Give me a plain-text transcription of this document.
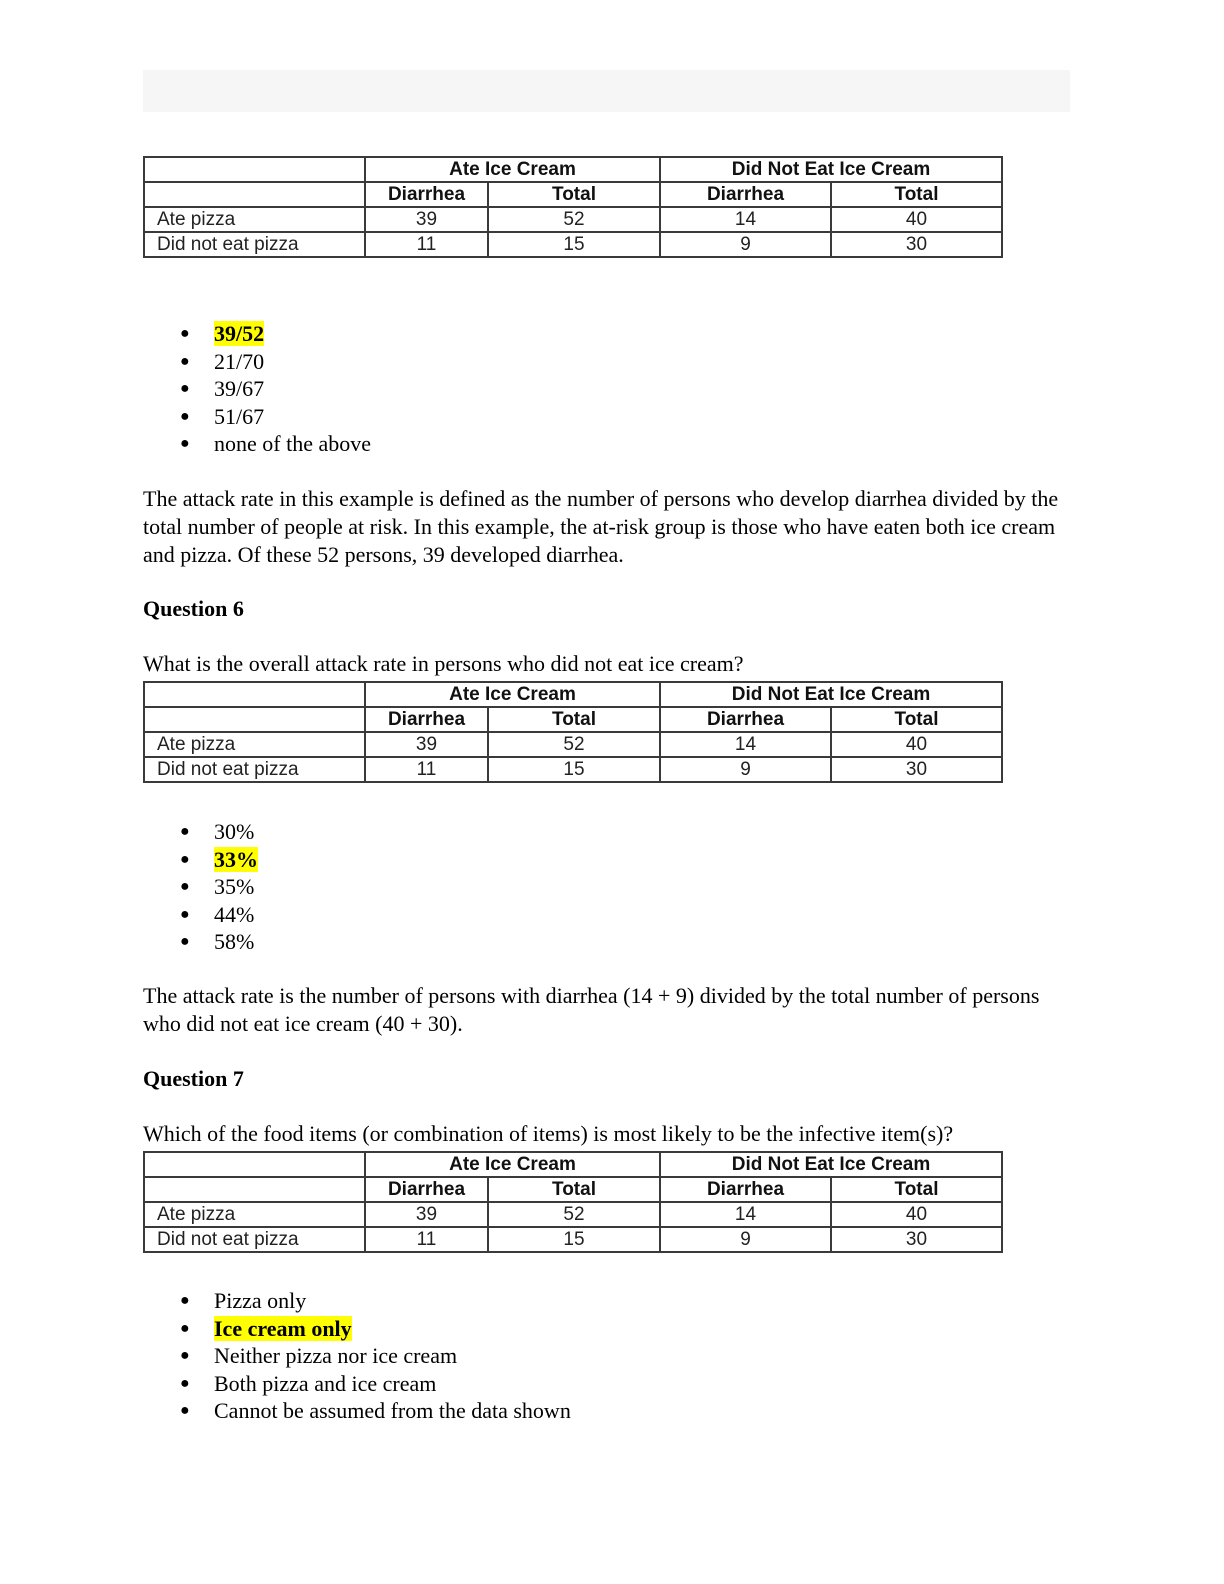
	Ate Ice Cream		Did Not Eat Ice Cream	
	Diarrhea	Total	Diarrhea	Total
Ate pizza	39	52	14	40
Did not eat pizza	11	15	9	30
● 39/52
● 21/70
● 39/67
● 51/67
● none of the above

The attack rate in this example is defined as the number of persons who develop diarrhea divided by the total number of people at risk. In this example, the at-risk group is those who have eaten both ice cream and pizza. Of these 52 persons, 39 developed diarrhea.

Question 6

What is the overall attack rate in persons who did not eat ice cream?

	Ate Ice Cream		Did Not Eat Ice Cream	
	Diarrhea	Total	Diarrhea	Total
Ate pizza	39	52	14	40
Did not eat pizza	11	15	9	30
● 30%
● 33%
● 35%
● 44%
● 58%

The attack rate is the number of persons with diarrhea (14 + 9) divided by the total number of persons who did not eat ice cream (40 + 30).

Question 7

Which of the food items (or combination of items) is most likely to be the infective item(s)?

	Ate Ice Cream		Did Not Eat Ice Cream	
	Diarrhea	Total	Diarrhea	Total
Ate pizza	39	52	14	40
Did not eat pizza	11	15	9	30
● Pizza only
● Ice cream only
● Neither pizza nor ice cream
● Both pizza and ice cream
● Cannot be assumed from the data shown
